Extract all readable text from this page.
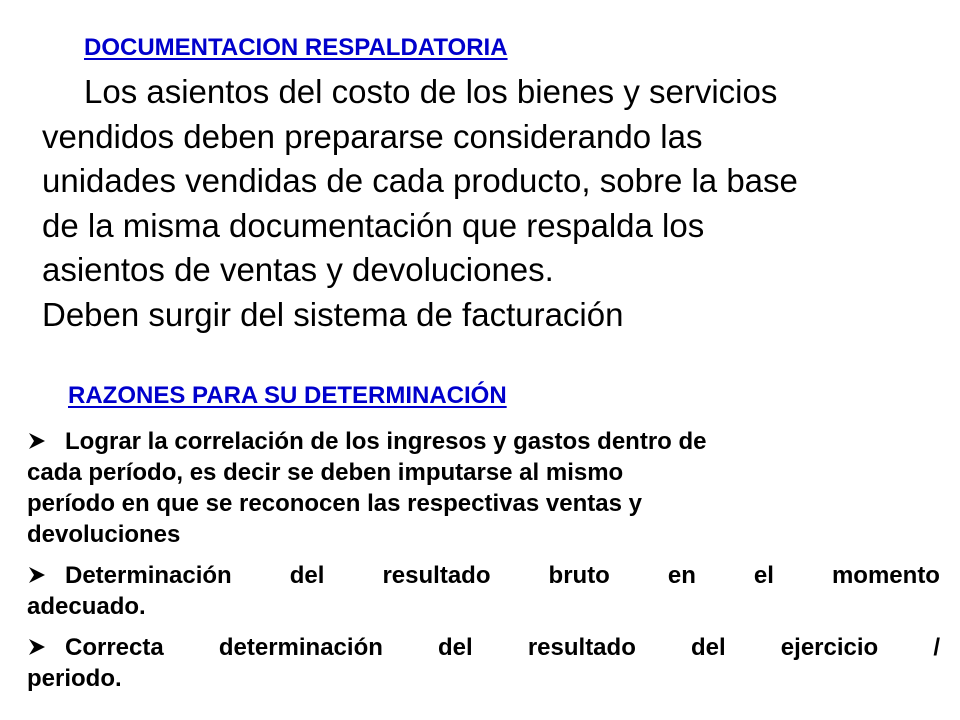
DOCUMENTACION RESPALDATORIA
Los asientos del costo de los bienes y servicios
vendidos deben prepararse considerando las
unidades vendidas de cada producto, sobre la base
de la misma documentación que respalda los
asientos de ventas y devoluciones.
Deben surgir del sistema de facturación
RAZONES PARA SU DETERMINACIÓN
Lograr la correlación de los ingresos y gastos dentro de
cada período, es decir se deben imputarse al mismo
período en que se reconocen las respectivas ventas y
devoluciones
Determinación del resultado bruto en el momento
adecuado.
Correcta determinación del resultado del ejercicio /
periodo.
